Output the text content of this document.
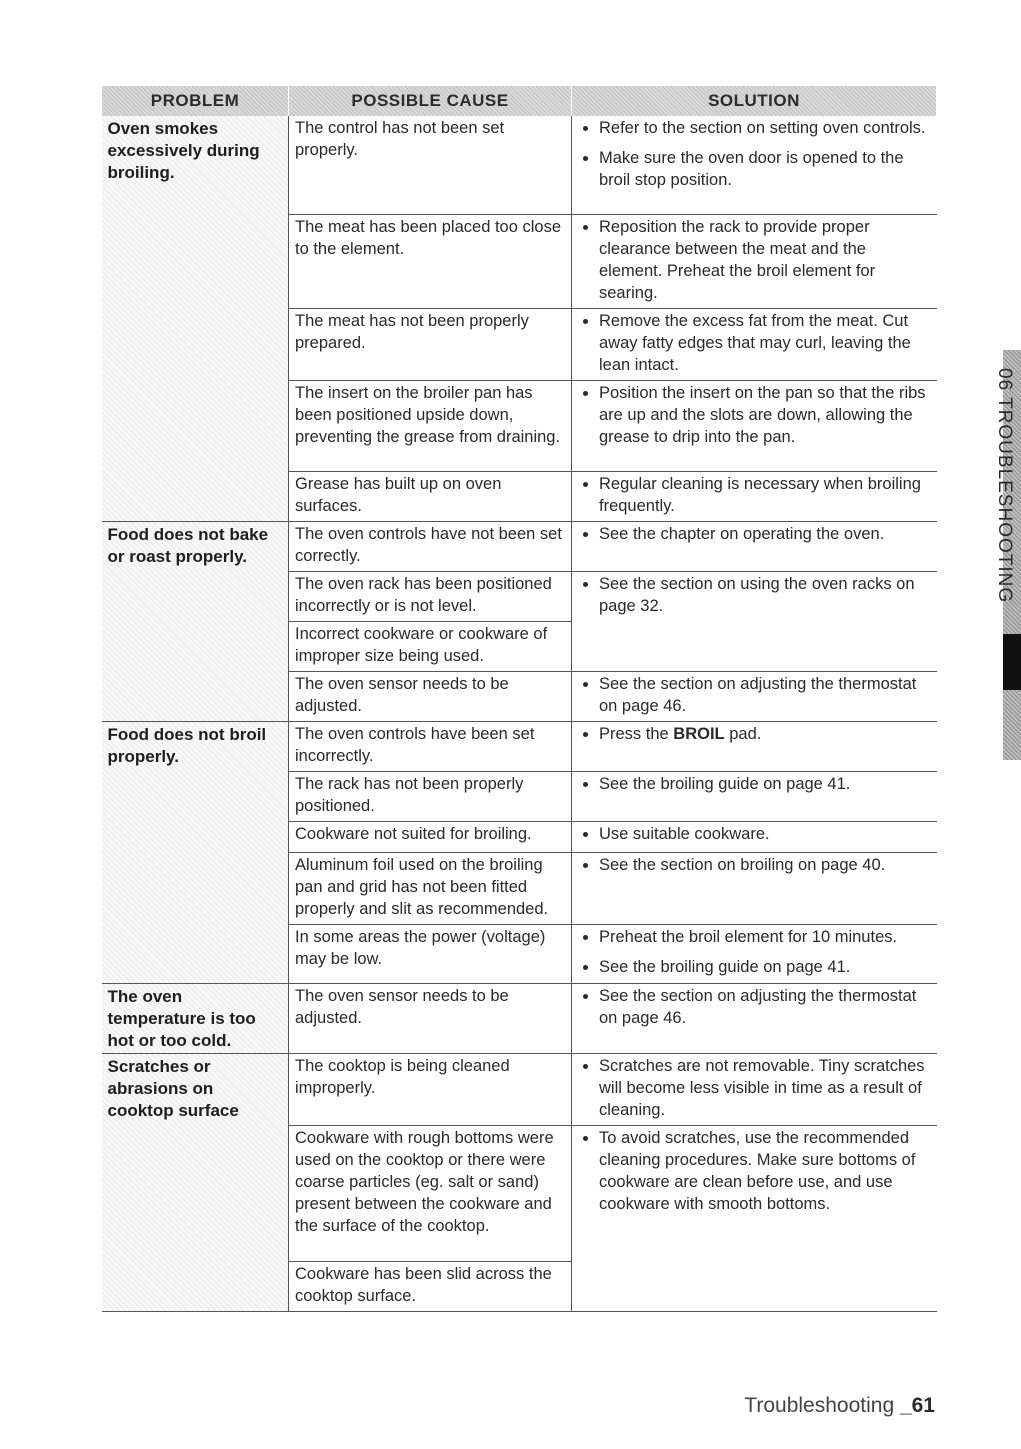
PROBLEM	POSSIBLE CAUSE	SOLUTION
Oven smokes excessively during broiling.	The control has not been set properly.	Refer to the section on setting oven controls.
Make sure the oven door is opened to the broil stop position.

	The meat has been placed too close to the element.	Reposition the rack to provide proper clearance between the meat and the element. Preheat the broil element for searing.

	The meat has not been properly prepared.	Remove the excess fat from the meat. Cut away fatty edges that may curl, leaving the lean intact.

	The insert on the broiler pan has been positioned upside down, preventing the grease from draining.	Position the insert on the pan so that the ribs are up and the slots are down, allowing the grease to drip into the pan.

	Grease has built up on oven surfaces.	Regular cleaning is necessary when broiling frequently.

Food does not bake or roast properly.	The oven controls have not been set correctly.	See the chapter on operating the oven.

	The oven rack has been positioned incorrectly or is not level.	See the section on using the oven racks on page 32.

	Incorrect cookware or cookware of improper size being used.	
	The oven sensor needs to be adjusted.	See the section on adjusting the thermostat on page 46.

Food does not broil properly.	The oven controls have been set incorrectly.	Press the BROIL pad.

	The rack has not been properly positioned.	See the broiling guide on page 41.

	Cookware not suited for broiling.	Use suitable cookware.

	Aluminum foil used on the broiling pan and grid has not been fitted properly and slit as recommended.	See the section on broiling on page 40.

	In some areas the power (voltage) may be low.	Preheat the broil element for 10 minutes.
See the broiling guide on page 41.

The oven temperature is too hot or too cold.	The oven sensor needs to be adjusted.	See the section on adjusting the thermostat on page 46.

Scratches or abrasions on cooktop surface	The cooktop is being cleaned improperly.	Scratches are not removable. Tiny scratches will become less visible in time as a result of cleaning.

	Cookware with rough bottoms were used on the cooktop or there were coarse particles (eg. salt or sand) present between the cookware and the surface of the cooktop.	To avoid scratches, use the recommended cleaning procedures. Make sure bottoms of cookware are clean before use, and use cookware with smooth bottoms.

	Cookware has been slid across the cooktop surface.	
06 TROUBLESHOOTING
Troubleshooting _61
